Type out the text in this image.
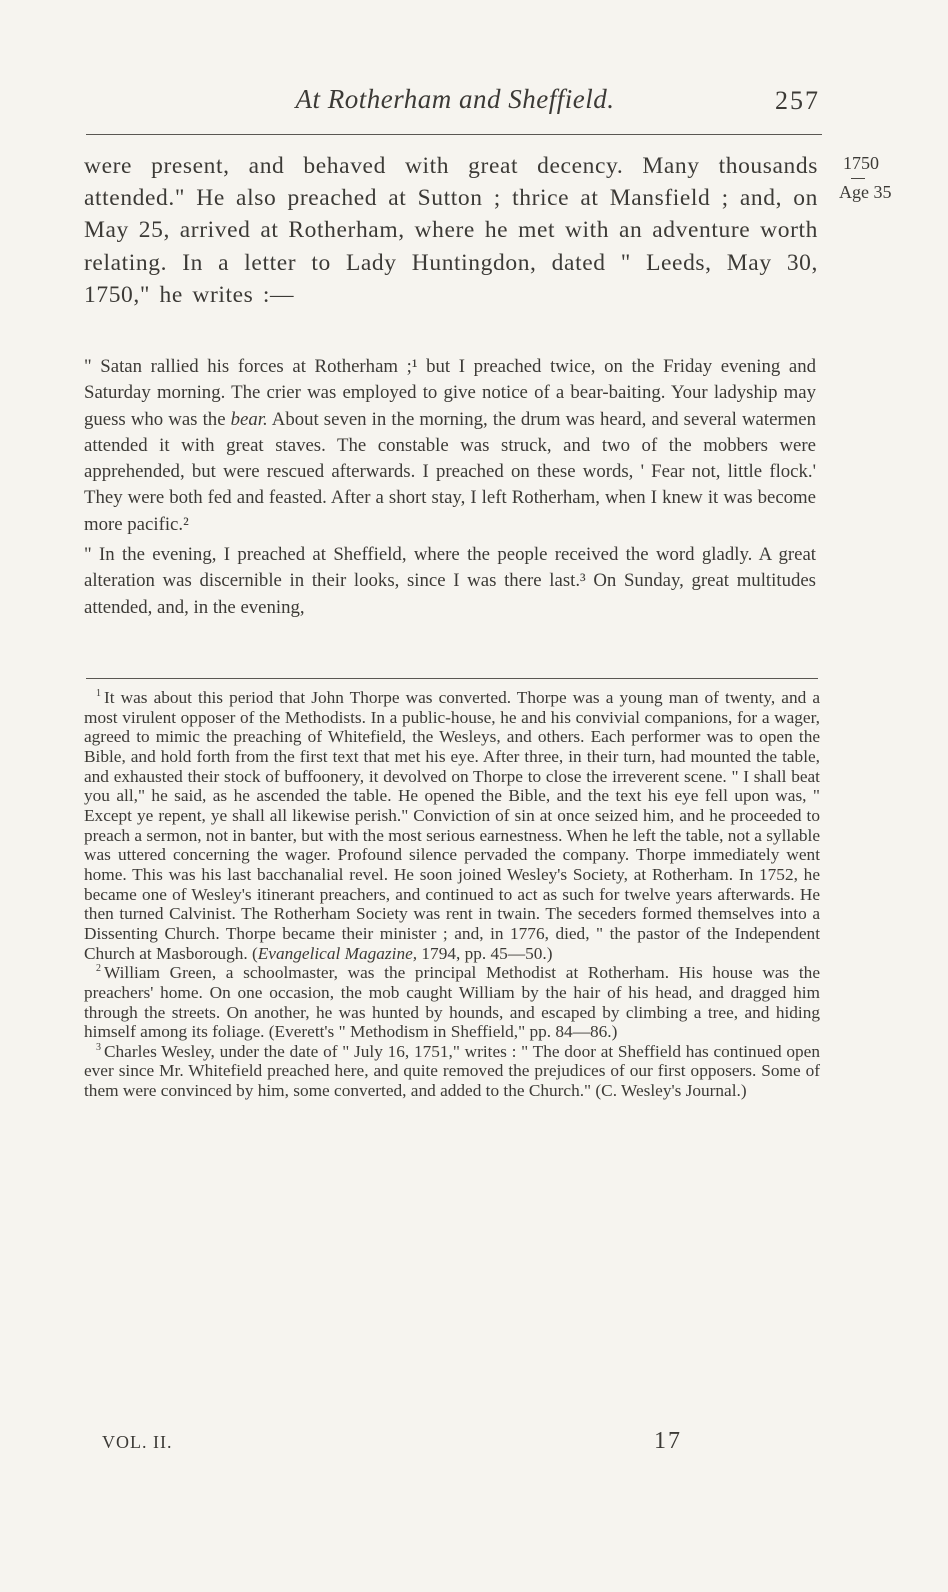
At Rotherham and Sheffield.	257

were present, and behaved with great decency. Many thousands attended." He also preached at Sutton ; thrice at Mansfield ; and, on May 25, arrived at Rotherham, where he met with an adventure worth relating. In a letter to Lady Huntingdon, dated " Leeds, May 30, 1750," he writes :—

1750
Age 35

" Satan rallied his forces at Rotherham ;¹ but I preached twice, on the Friday evening and Saturday morning. The crier was employed to give notice of a bear-baiting. Your ladyship may guess who was the bear. About seven in the morning, the drum was heard, and several watermen attended it with great staves. The constable was struck, and two of the mobbers were apprehended, but were rescued afterwards. I preached on these words, ' Fear not, little flock.' They were both fed and feasted. After a short stay, I left Rotherham, when I knew it was become more pacific.²

" In the evening, I preached at Sheffield, where the people received the word gladly. A great alteration was discernible in their looks, since I was there last.³ On Sunday, great multitudes attended, and, in the evening,

$^1$ It was about this period that John Thorpe was converted. Thorpe was a young man of twenty, and a most virulent opposer of the Methodists. In a public-house, he and his convivial companions, for a wager, agreed to mimic the preaching of Whitefield, the Wesleys, and others. Each performer was to open the Bible, and hold forth from the first text that met his eye. After three, in their turn, had mounted the table, and exhausted their stock of buffoonery, it devolved on Thorpe to close the irreverent scene. " I shall beat you all," he said, as he ascended the table. He opened the Bible, and the text his eye fell upon was, " Except ye repent, ye shall all likewise perish." Conviction of sin at once seized him, and he proceeded to preach a sermon, not in banter, but with the most serious earnestness. When he left the table, not a syllable was uttered concerning the wager. Profound silence pervaded the company. Thorpe immediately went home. This was his last bacchanalial revel. He soon joined Wesley's Society, at Rotherham. In 1752, he became one of Wesley's itinerant preachers, and continued to act as such for twelve years afterwards. He then turned Calvinist. The Rotherham Society was rent in twain. The seceders formed themselves into a Dissenting Church. Thorpe became their minister ; and, in 1776, died, " the pastor of the Independent Church at Masborough. (Evangelical Magazine, 1794, pp. 45—50.)

$^2$ William Green, a schoolmaster, was the principal Methodist at Rotherham. His house was the preachers' home. On one occasion, the mob caught William by the hair of his head, and dragged him through the streets. On another, he was hunted by hounds, and escaped by climbing a tree, and hiding himself among its foliage. (Everett's " Methodism in Sheffield," pp. 84—86.)

$^3$ Charles Wesley, under the date of " July 16, 1751," writes : " The door at Sheffield has continued open ever since Mr. Whitefield preached here, and quite removed the prejudices of our first opposers. Some of them were convinced by him, some converted, and added to the Church." (C. Wesley's Journal.)

VOL. II.	17
